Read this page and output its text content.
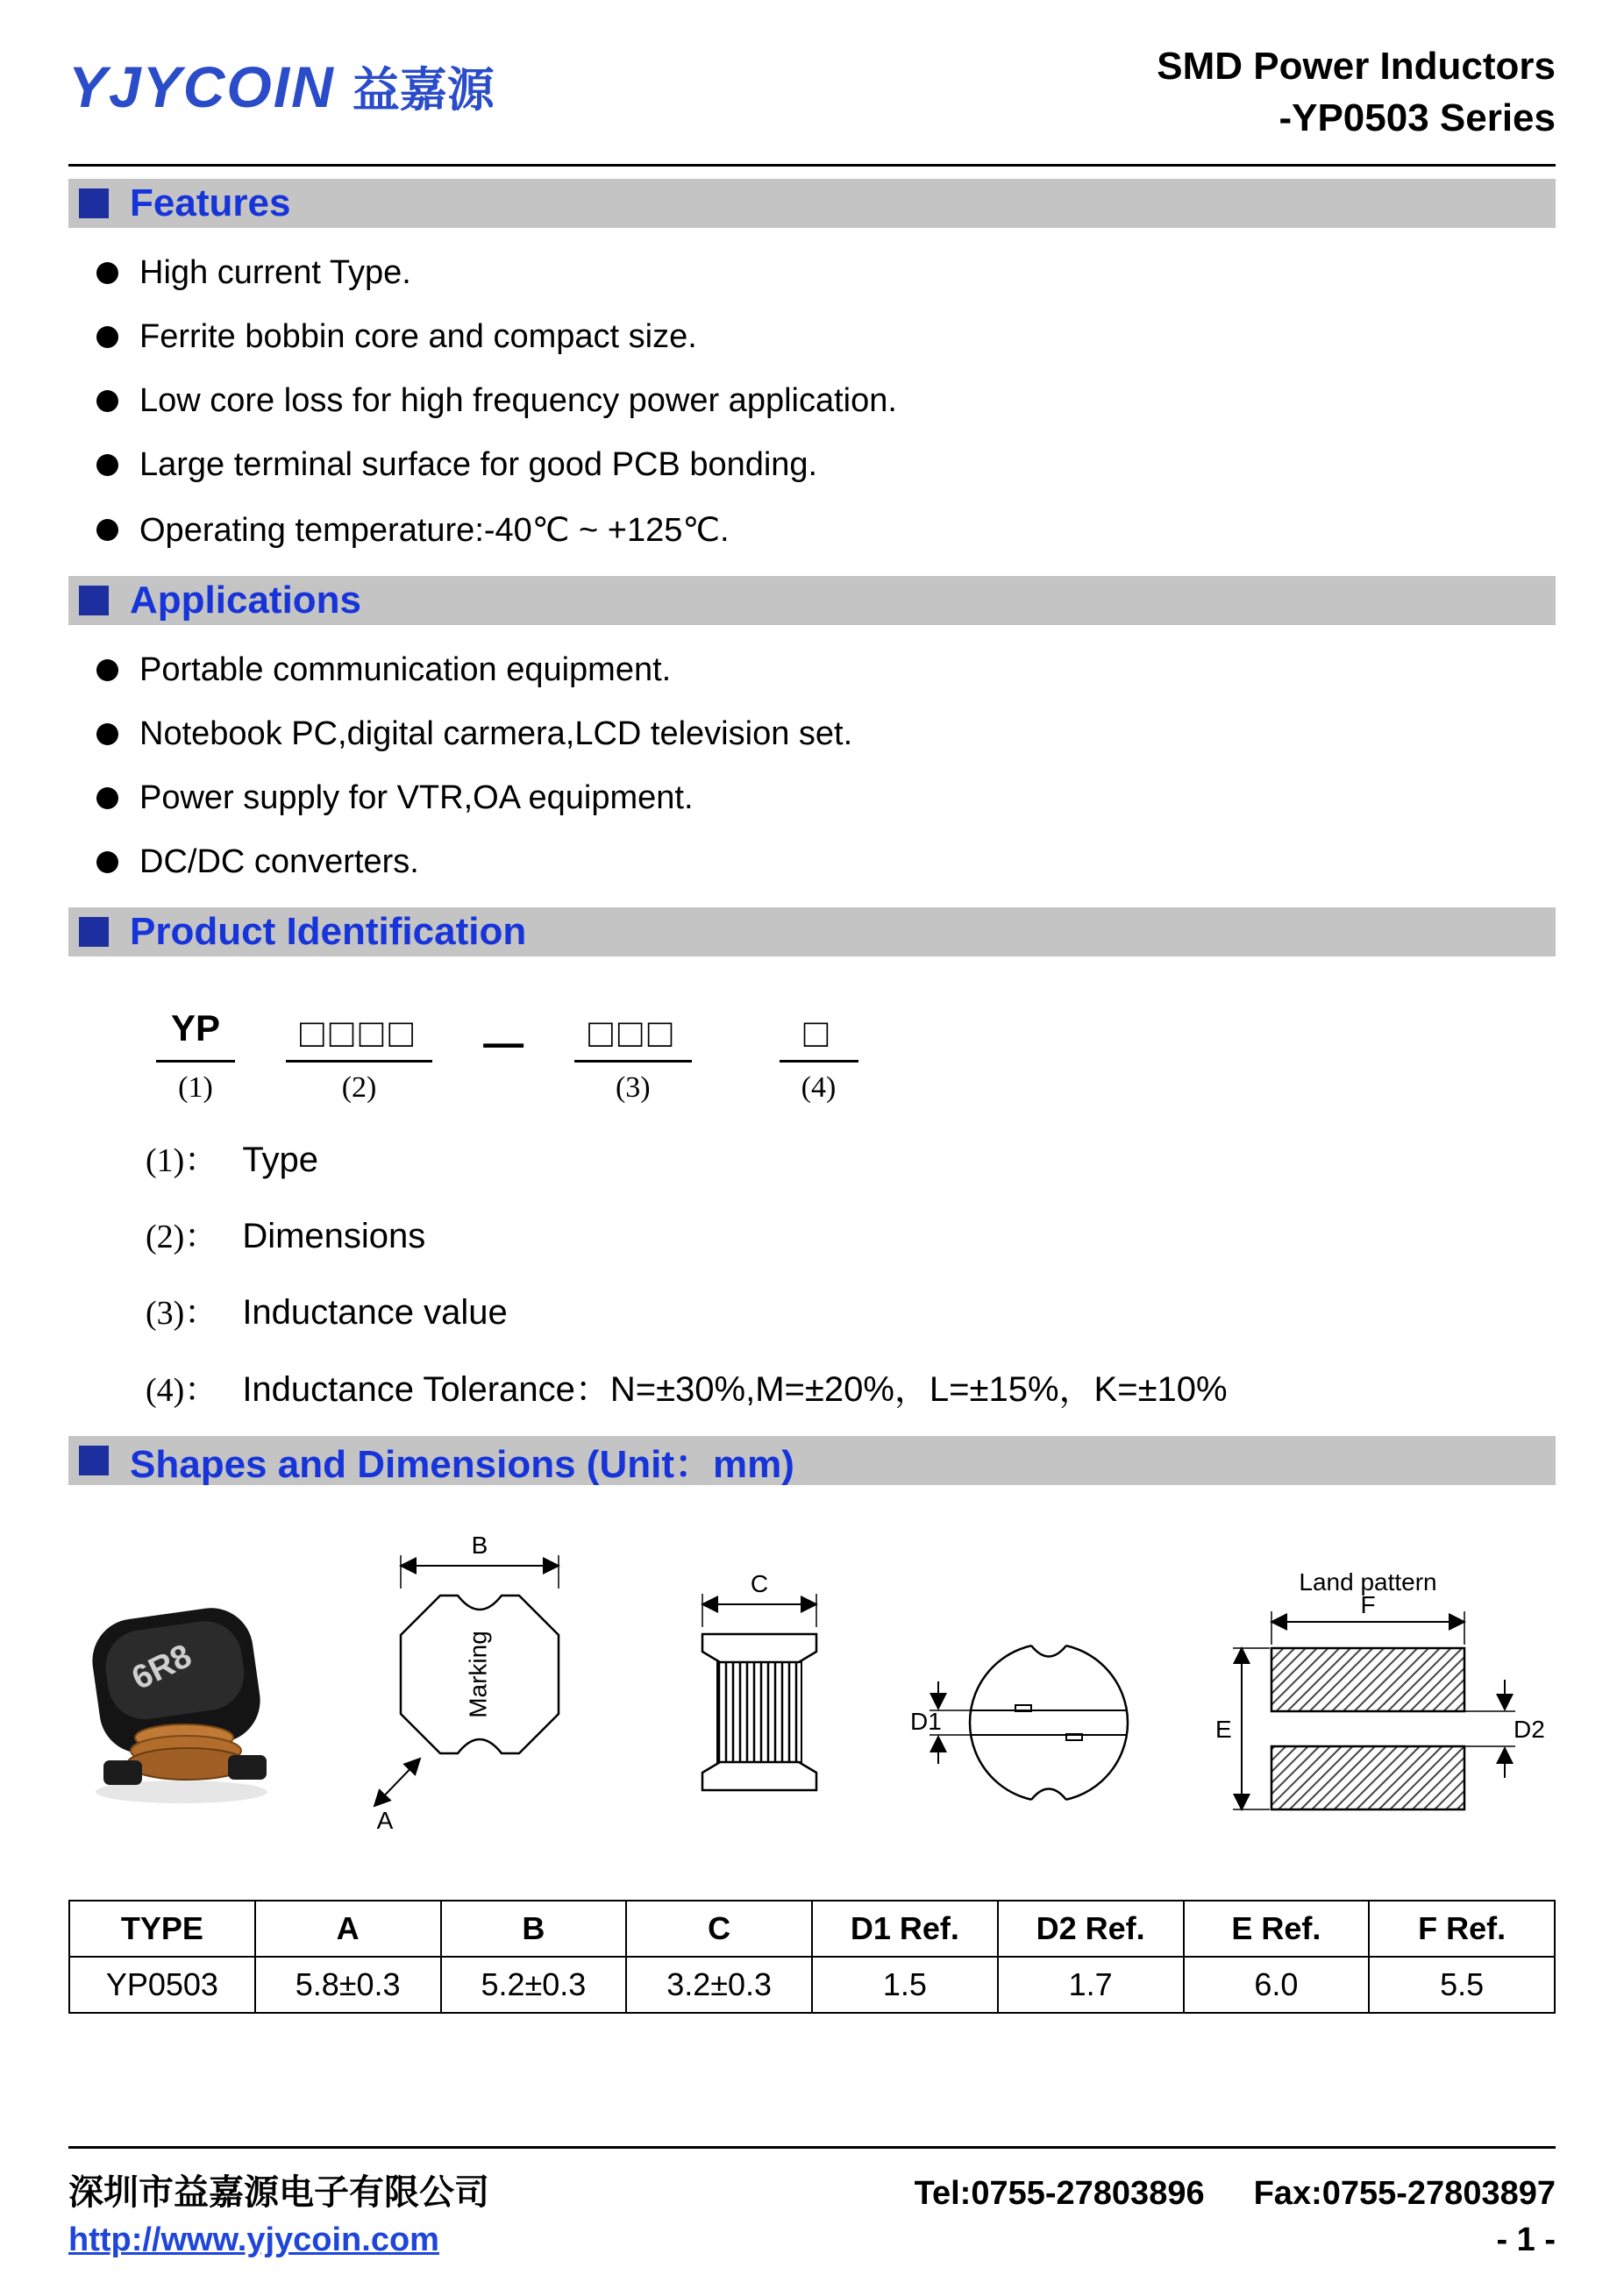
YJYCOIN 益嘉源	SMD Power Inductors
-YP0503 Series
Features
High current Type.
Ferrite bobbin core and compact size.
Low core loss for high frequency power application.
Large terminal surface for good PCB bonding.
Operating temperature:-40℃ ~ +125℃.
Applications
Portable communication equipment.
Notebook PC,digital carmera,LCD television set.
Power supply for VTR,OA equipment.
DC/DC converters.
Product Identification
YP
(1)
□□□□
(2)
—	□□□
(3)
□
(4)
(1)： Type
(2)： Dimensions
(3)： Inductance value
(4)： Inductance Tolerance：N=±30%,M=±20%，L=±15%，K=±10%
Shapes and Dimensions (Unit：mm)
6R8
B
Marking
A
C
D1
Land pattern
F
E	D2
TYPE	A	B	C	D1 Ref.	D2 Ref.	E Ref.	F Ref.
YP0503	5.8±0.3	5.2±0.3	3.2±0.3	1.5	1.7	6.0	5.5
深圳市益嘉源电子有限公司	Tel:0755-27803896 Fax:0755-27803897
http://www.yjycoin.com	- 1 -
